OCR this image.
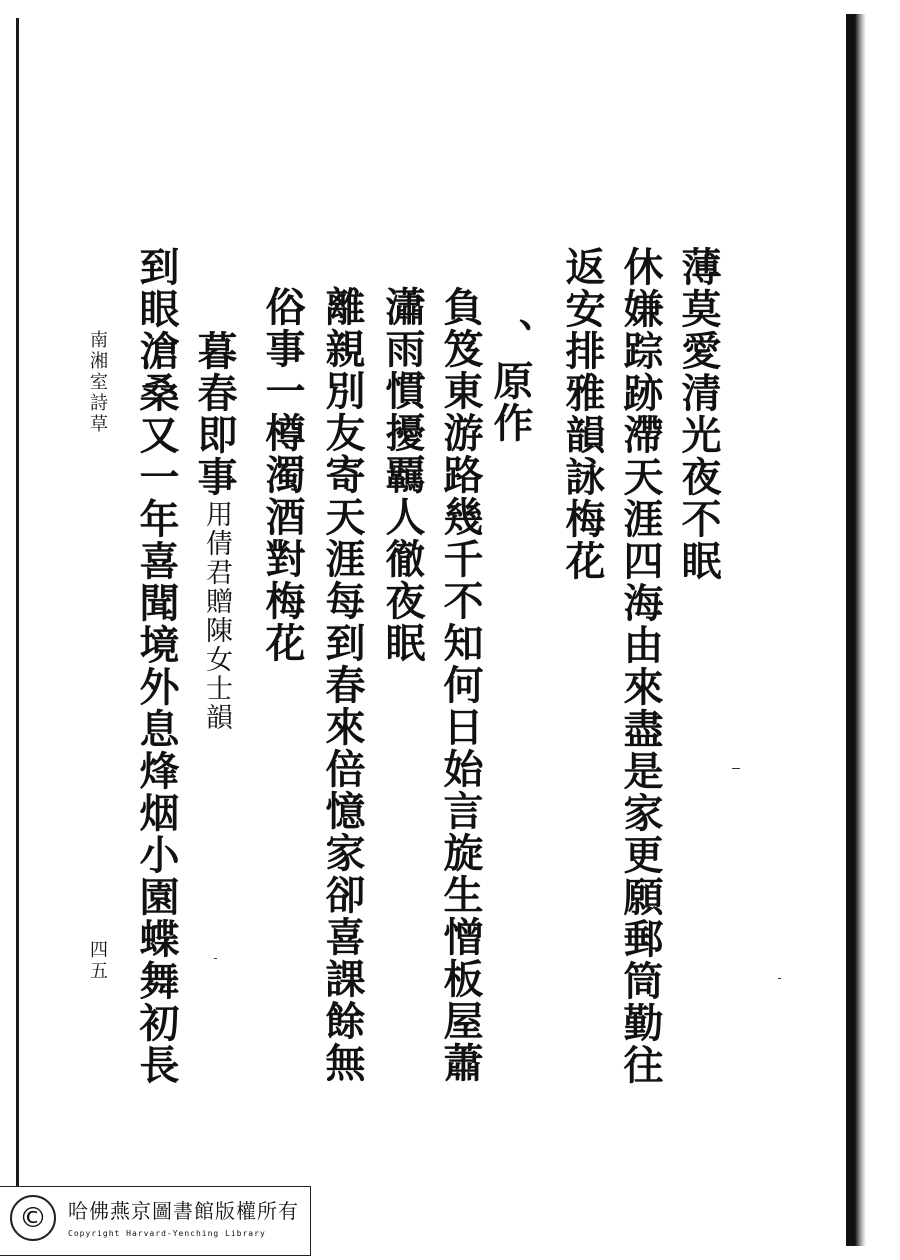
薄莫愛清光夜不眠
休嫌踪跡滯天涯四海由來盡是家更願郵筒勤往
返安排雅韻詠梅花
、原作
負笈東游路幾千不知何日始言旋生憎板屋蕭
瀟雨慣擾覊人徹夜眠
離親別友寄天涯每到春來倍憶家卻喜課餘無
俗事一樽濁酒對梅花
暮春即事
用倩君贈陳女士韻
到眼滄桑又一年喜聞境外息烽烟小園蝶舞初長
南湘室詩草
四五
©	哈佛燕京圖書館版權所有
Copyright Harvard-Yenching Library
